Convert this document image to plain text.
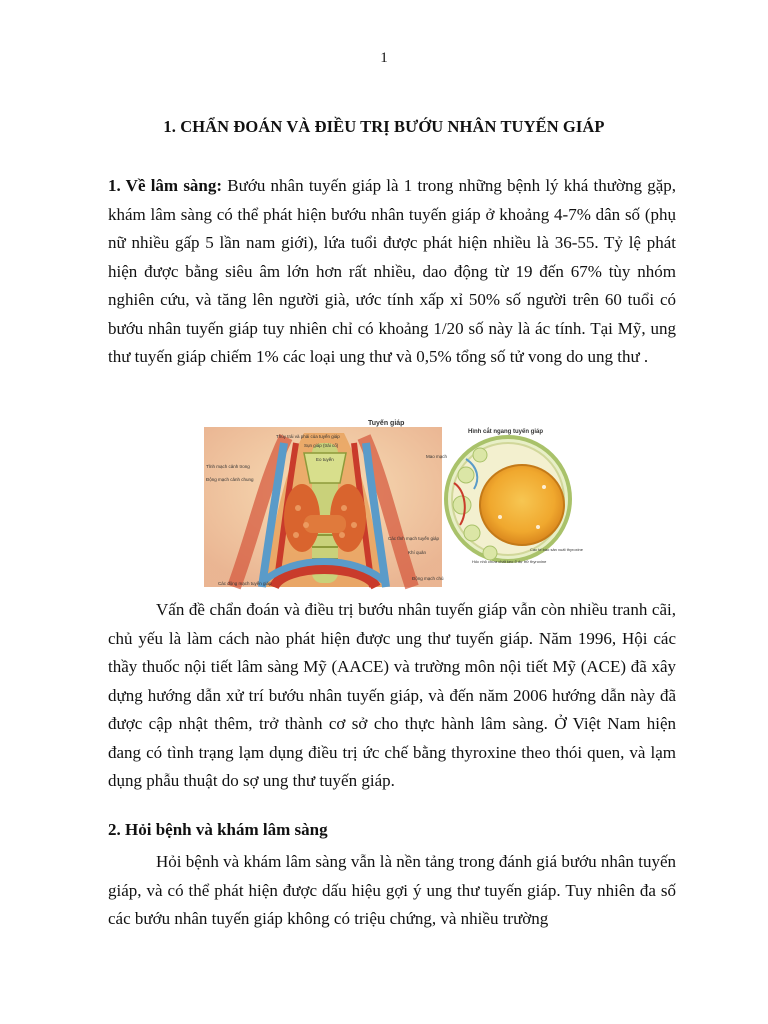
1
1. CHẨN ĐOÁN VÀ ĐIỀU TRỊ BƯỚU NHÂN TUYẾN GIÁP

1. Về lâm sàng: Bướu nhân tuyến giáp là 1 trong những bệnh lý khá thường gặp, khám lâm sàng có thể phát hiện bướu nhân tuyến giáp ở khoảng 4-7% dân số (phụ nữ nhiều gấp 5 lần nam giới), lứa tuổi được phát hiện nhiều là 36-55. Tỷ lệ phát hiện được bằng siêu âm lớn hơn rất nhiều, dao động từ 19 đến 67% tùy nhóm nghiên cứu, và tăng lên người già, ước tính xấp xỉ 50% số người trên 60 tuổi có bướu nhân tuyến giáp tuy nhiên chỉ có khoảng 1/20 số này là ác tính. Tại Mỹ, ung thư tuyến giáp chiếm 1% các loại ung thư và 0,5% tổng số tử vong do ung thư .

Tuyến giáp
Thùy trái và phải của tuyến giáp
Sụn giáp (trái cổ)
Tĩnh mạch cảnh trong
Eo tuyến
Động mạch cảnh chung
Các tĩnh mạch tuyến giáp
Khí quản
Các động mạch tuyến giáp
Động mạch chủ
Hình cắt ngang tuyến giáp
Mao mạch
Các tế bào sản xuất thyroxine
Hốc nhỏ chứa chất keo ổ dự trữ thyroxine

Vấn đề chẩn đoán và điều trị bướu nhân tuyến giáp vẫn còn nhiều tranh cãi, chủ yếu là làm cách nào phát hiện được ung thư tuyến giáp. Năm 1996, Hội các thầy thuốc nội tiết lâm sàng Mỹ (AACE) và trường môn nội tiết Mỹ (ACE) đã xây dựng hướng dẫn xử trí bướu nhân tuyến giáp, và đến năm 2006 hướng dẫn này đã được cập nhật thêm, trở thành cơ sở cho thực hành lâm sàng. Ở Việt Nam hiện đang có tình trạng lạm dụng điều trị ức chế bằng thyroxine theo thói quen, và lạm dụng phẫu thuật do sợ ung thư tuyến giáp.

2. Hỏi bệnh và khám lâm sàng

Hỏi bệnh và khám lâm sàng vẫn là nền tảng trong đánh giá bướu nhân tuyến giáp, và có thể phát hiện được dấu hiệu gợi ý ung thư tuyến giáp. Tuy nhiên đa số các bướu nhân tuyến giáp không có triệu chứng, và nhiều trường
